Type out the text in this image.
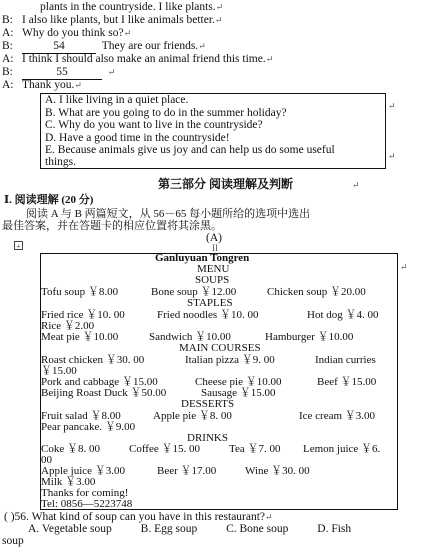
plants in the countryside. I like plants.↵
B: I also like plants, but I like animals better.↵
A: Why do you think so?↵
B:	54	They are our friends.↵
A: I think I should also make an animal friend this time.↵
B:	55	↵
A: Thank you.↵
A. I like living in a quiet place.
B. What are you going to do in the summer holiday?
C. Why do you want to live in the countryside?
D. Have a good time in the countryside!
E. Because animals give us joy and can help us do some useful
things.
↵
↵
第三部分 阅读理解及判断	↵
Ⅰ. 阅读理解 (20 分)
阅读 A 与 B 两篇短文，从 56－65 每小题所给的选项中选出
最佳答案，并在答题卡的相应位置将其涂黑。
(A)
+	II
Ganluyuan Tongren
MENU
SOUPS
Tofu soup ￥8.00	Bone soup ￥12.00	Chicken soup ￥20.00
STAPLES
Fried rice ￥10. 00	Fried noodles ￥10. 00	Hot dog ￥4. 00
Rice ￥2.00
Meat pie ￥10.00	Sandwich ￥10.00	Hamburger ￥10.00
MAIN COURSES
Roast chicken ￥30. 00	Italian pizza ￥9. 00	Indian curries
￥15.00
Pork and cabbage ￥15.00	Cheese pie ￥10.00	Beef ￥15.00
Beijing Roast Duck ￥50.00	Sausage ￥15.00
DESSERTS
Fruit salad ￥8.00	Apple pie ￥8. 00	Ice cream ￥3.00
Pear pancake. ￥9.00
DRINKS
Coke ￥8. 00	Coffee ￥15. 00	Tea ￥7. 00 Lemon juice ￥6.
00
Apple juice ￥3.00	Beer ￥17.00	Wine ￥30. 00
Milk ￥3.00
Thanks for coming!
Tel: 0856—5223748
↵
( )56. What kind of soup can you have in this restaurant?↵
A. Vegetable soup	B. Egg soup	C. Bone soup	D. Fish
soup
